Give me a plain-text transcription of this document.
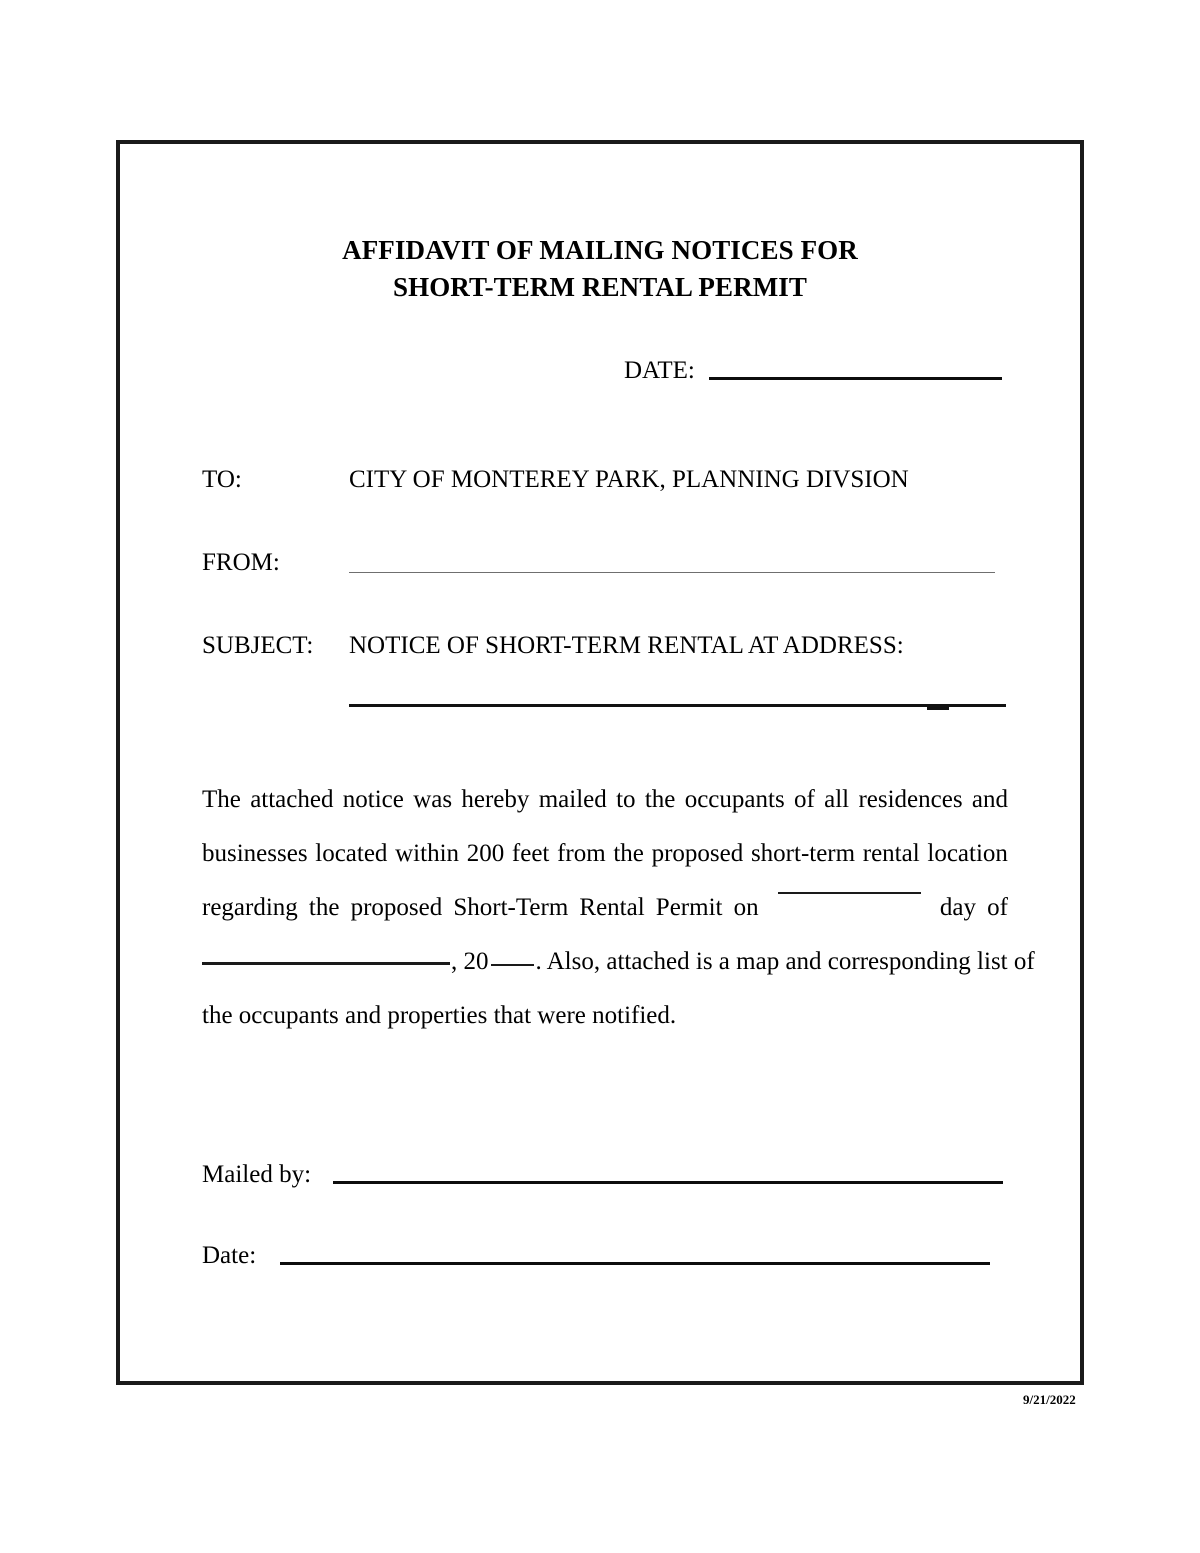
AFFIDAVIT OF MAILING NOTICES FOR
SHORT-TERM RENTAL PERMIT
DATE:
TO:	CITY OF MONTEREY PARK, PLANNING DIVSION
FROM:
SUBJECT:	NOTICE OF SHORT-TERM RENTAL AT ADDRESS:
The attached notice was hereby mailed to the occupants of all residences and
businesses located within 200 feet from the proposed short-term rental location
regarding the proposed Short-Term Rental Permit on	day of
, 20 . Also, attached is a map and corresponding list of
the occupants and properties that were notified.
Mailed by:
Date:
9/21/2022
